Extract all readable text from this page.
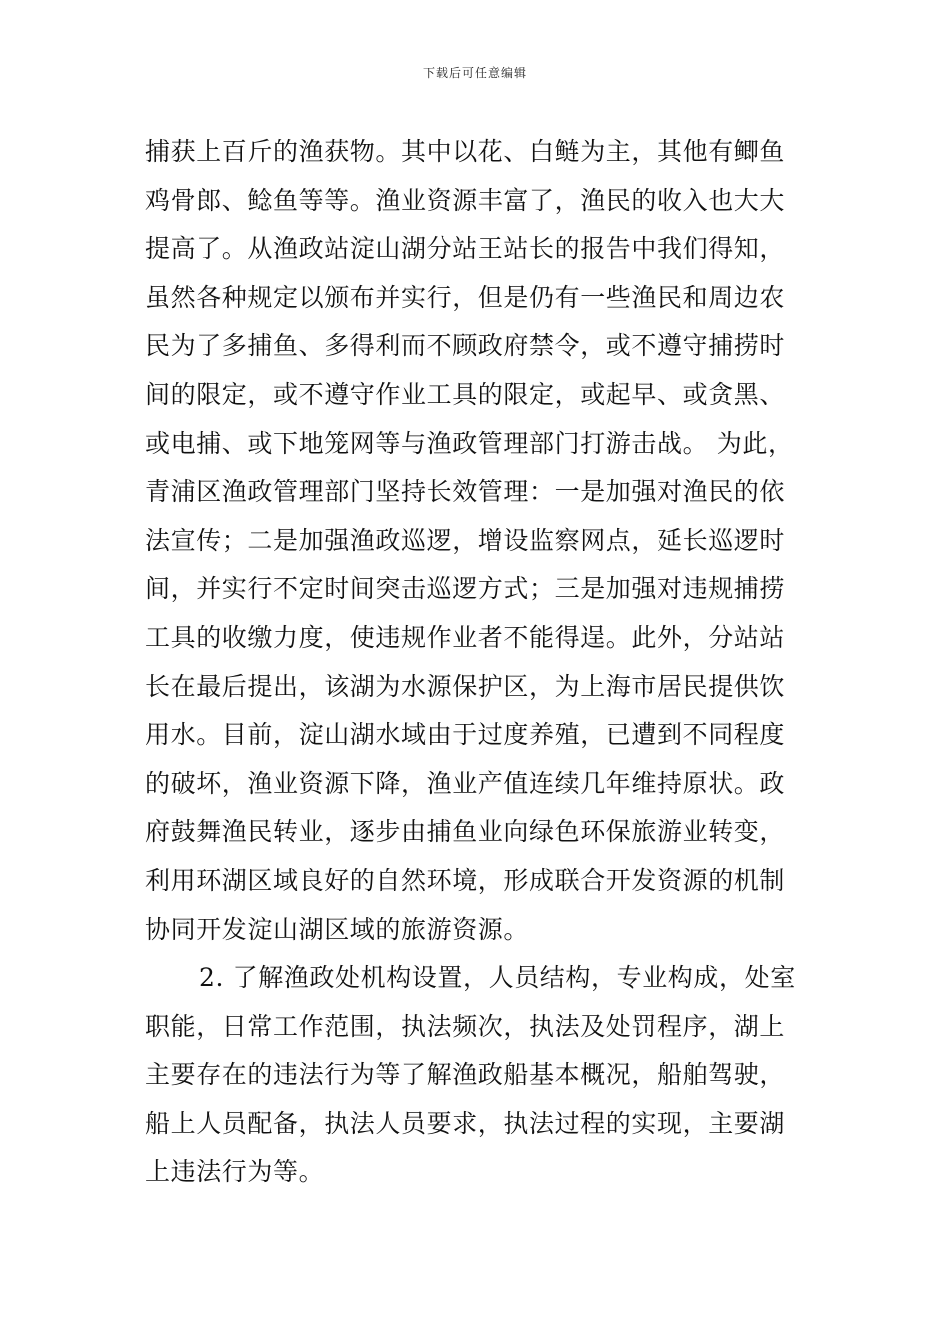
下载后可任意编辑
捕获上百斤的渔获物。其中以花、白鲢为主，其他有鲫鱼
鸡骨郎、鲶鱼等等。渔业资源丰富了，渔民的收入也大大
提高了。从渔政站淀山湖分站王站长的报告中我们得知，
虽然各种规定以颁布并实行，但是仍有一些渔民和周边农
民为了多捕鱼、多得利而不顾政府禁令，或不遵守捕捞时
间的限定，或不遵守作业工具的限定，或起早、或贪黑、
或电捕、或下地笼网等与渔政管理部门打游击战。 为此，
青浦区渔政管理部门坚持长效管理：一是加强对渔民的依
法宣传；二是加强渔政巡逻，增设监察网点，延长巡逻时
间，并实行不定时间突击巡逻方式；三是加强对违规捕捞
工具的收缴力度，使违规作业者不能得逞。此外，分站站
长在最后提出，该湖为水源保护区，为上海市居民提供饮
用水。目前，淀山湖水域由于过度养殖，已遭到不同程度
的破坏，渔业资源下降，渔业产值连续几年维持原状。政
府鼓舞渔民转业，逐步由捕鱼业向绿色环保旅游业转变，
利用环湖区域良好的自然环境，形成联合开发资源的机制
协同开发淀山湖区域的旅游资源。
2. 了解渔政处机构设置，人员结构，专业构成，处室
职能，日常工作范围，执法频次，执法及处罚程序，湖上
主要存在的违法行为等了解渔政船基本概况，船舶驾驶，
船上人员配备，执法人员要求，执法过程的实现，主要湖
上违法行为等。
